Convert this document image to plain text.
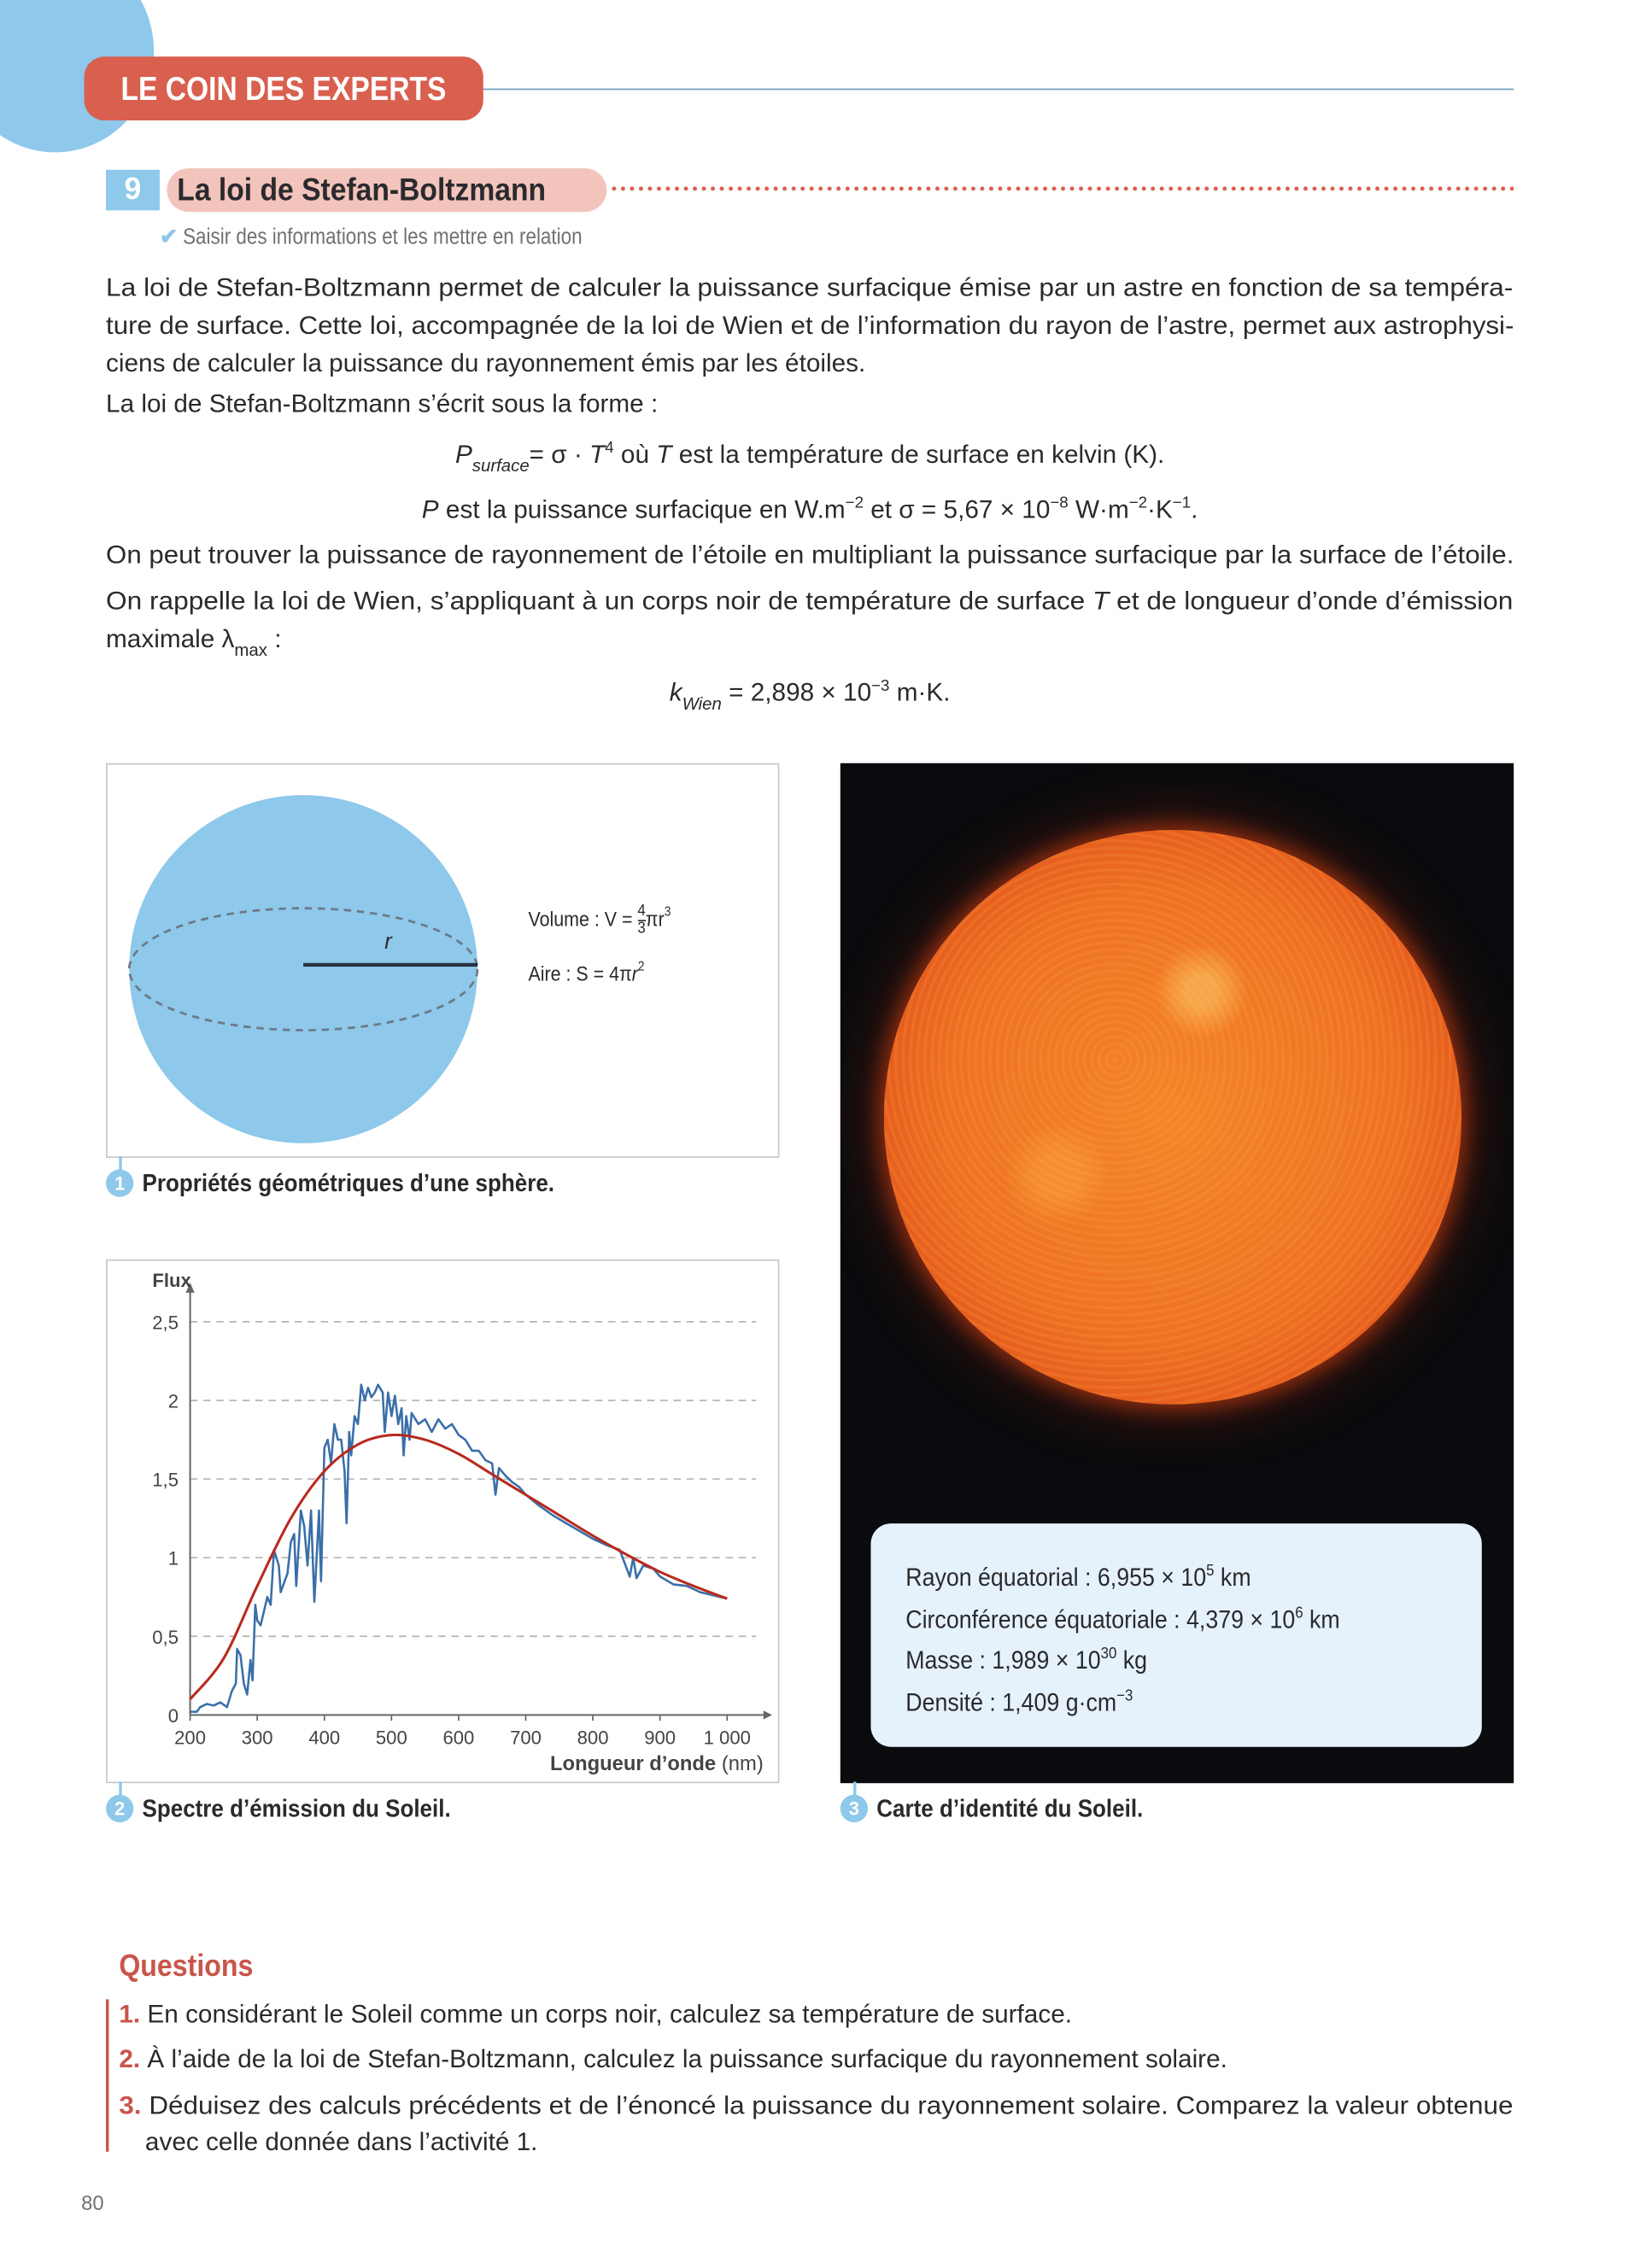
LE COIN DES EXPERTS
9	La loi de Stefan-Boltzmann
✔ Saisir des informations et les mettre en relation
La loi de Stefan-Boltzmann permet de calculer la puissance surfacique émise par un astre en fonction de sa tempéra-
ture de surface. Cette loi, accompagnée de la loi de Wien et de l’information du rayon de l’astre, permet aux astrophysi-
ciens de calculer la puissance du rayonnement émis par les étoiles.
La loi de Stefan-Boltzmann s’écrit sous la forme :
$P_{surface}= \sigma \cdot T^4$ où T est la température de surface en kelvin (K).
P est la puissance surfacique en $W.m^{-2}$ et $\sigma = 5,67 \times 10^{-8}$ $W\cdot m^{-2}\cdot K^{-1}$.
On peut trouver la puissance de rayonnement de l’étoile en multipliant la puissance surfacique par la surface de l’étoile.
On rappelle la loi de Wien, s’appliquant à un corps noir de température de surface T et de longueur d’onde d’émission
maximale $\lambda_{max}$ :
$k_{Wien} = 2,898 \times 10^{-3}$ m·K.
r
Volume : $V = \frac{4}{3} \pi r^3$
Aire : $S = 4\pi r^2$
1 Propriétés géométriques d’une sphère.
Flux
0
0,5
1
1,5
2
2,5
200	300	400	500	600	700	800	900	1 000
Longueur d’onde (nm)
2 Spectre d’émission du Soleil.
Rayon équatorial : $6,955 \times 10^5$ km
Circonférence équatoriale : $4,379 \times 10^6$ km
Masse : $1,989 \times 10^{30}$ kg
Densité : 1,409 $g\cdot cm^{-3}$
3 Carte d’identité du Soleil.
Questions
1. En considérant le Soleil comme un corps noir, calculez sa température de surface.
2. À l’aide de la loi de Stefan-Boltzmann, calculez la puissance surfacique du rayonnement solaire.
3. Déduisez des calculs précédents et de l’énoncé la puissance du rayonnement solaire. Comparez la valeur obtenue
avec celle donnée dans l’activité 1.
80
